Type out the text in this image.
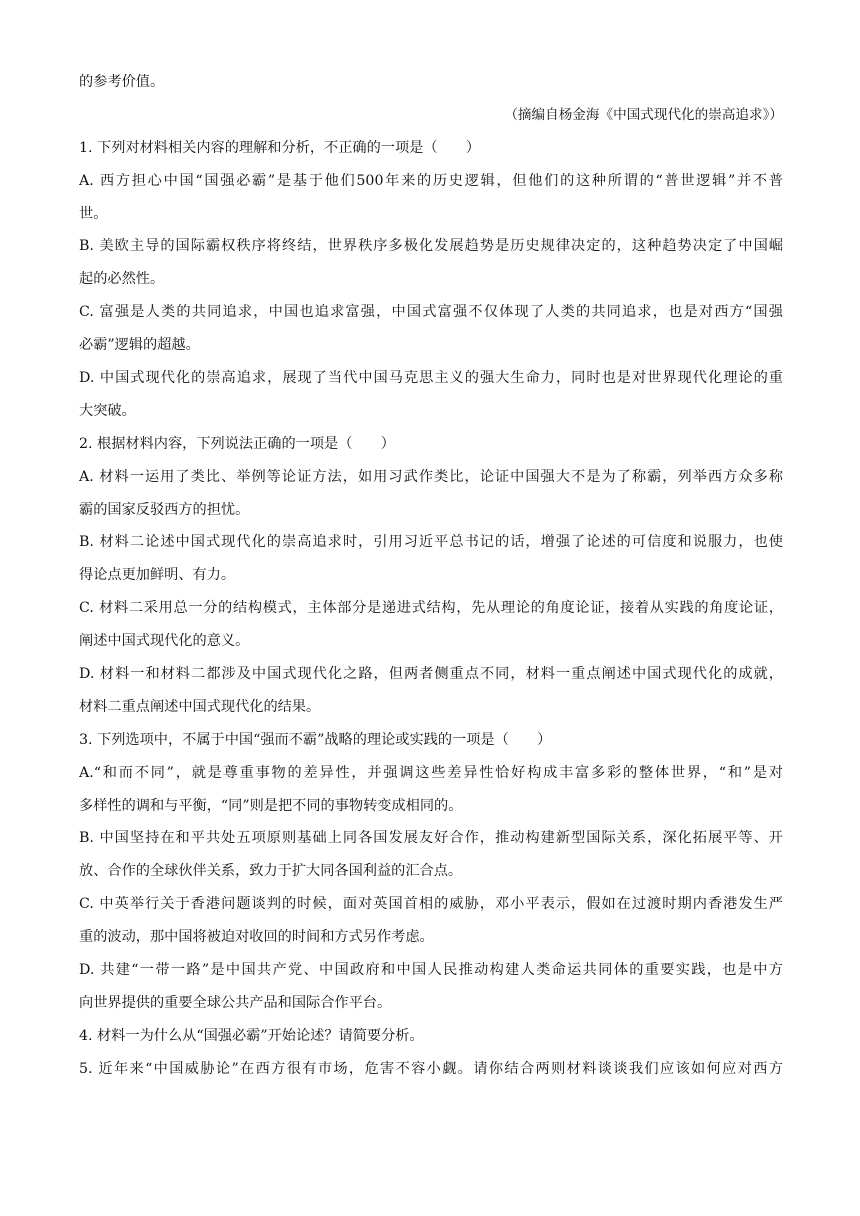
的参考价值。
（摘编自杨金海《中国式现代化的崇高追求》）
1. 下列对材料相关内容的理解和分析，不正确的一项是（　　）
A. 西方担心中国“国强必霸”是基于他们500年来的历史逻辑，但他们的这种所谓的“普世逻辑”并不普
世。
B. 美欧主导的国际霸权秩序将终结，世界秩序多极化发展趋势是历史规律决定的，这种趋势决定了中国崛
起的必然性。
C. 富强是人类的共同追求，中国也追求富强，中国式富强不仅体现了人类的共同追求，也是对西方“国强
必霸”逻辑的超越。
D. 中国式现代化的崇高追求，展现了当代中国马克思主义的强大生命力，同时也是对世界现代化理论的重
大突破。
2. 根据材料内容，下列说法正确的一项是（　　）
A. 材料一运用了类比、举例等论证方法，如用习武作类比，论证中国强大不是为了称霸，列举西方众多称
霸的国家反驳西方的担忧。
B. 材料二论述中国式现代化的崇高追求时，引用习近平总书记的话，增强了论述的可信度和说服力，也使
得论点更加鲜明、有力。
C. 材料二采用总一分的结构模式，主体部分是递进式结构，先从理论的角度论证，接着从实践的角度论证，
阐述中国式现代化的意义。
D. 材料一和材料二都涉及中国式现代化之路，但两者侧重点不同，材料一重点阐述中国式现代化的成就，
材料二重点阐述中国式现代化的结果。
3. 下列选项中，不属于中国“强而不霸”战略的理论或实践的一项是（　　）
A.“和而不同”，就是尊重事物的差异性，并强调这些差异性恰好构成丰富多彩的整体世界，“和”是对
多样性的调和与平衡，“同”则是把不同的事物转变成相同的。
B. 中国坚持在和平共处五项原则基础上同各国发展友好合作，推动构建新型国际关系，深化拓展平等、开
放、合作的全球伙伴关系，致力于扩大同各国利益的汇合点。
C. 中英举行关于香港问题谈判的时候，面对英国首相的威胁，邓小平表示，假如在过渡时期内香港发生严
重的波动，那中国将被迫对收回的时间和方式另作考虑。
D. 共建“一带一路”是中国共产党、中国政府和中国人民推动构建人类命运共同体的重要实践，也是中方
向世界提供的重要全球公共产品和国际合作平台。
4. 材料一为什么从“国强必霸”开始论述？请简要分析。
5. 近年来“中国威胁论”在西方很有市场，危害不容小觑。请你结合两则材料谈谈我们应该如何应对西方
